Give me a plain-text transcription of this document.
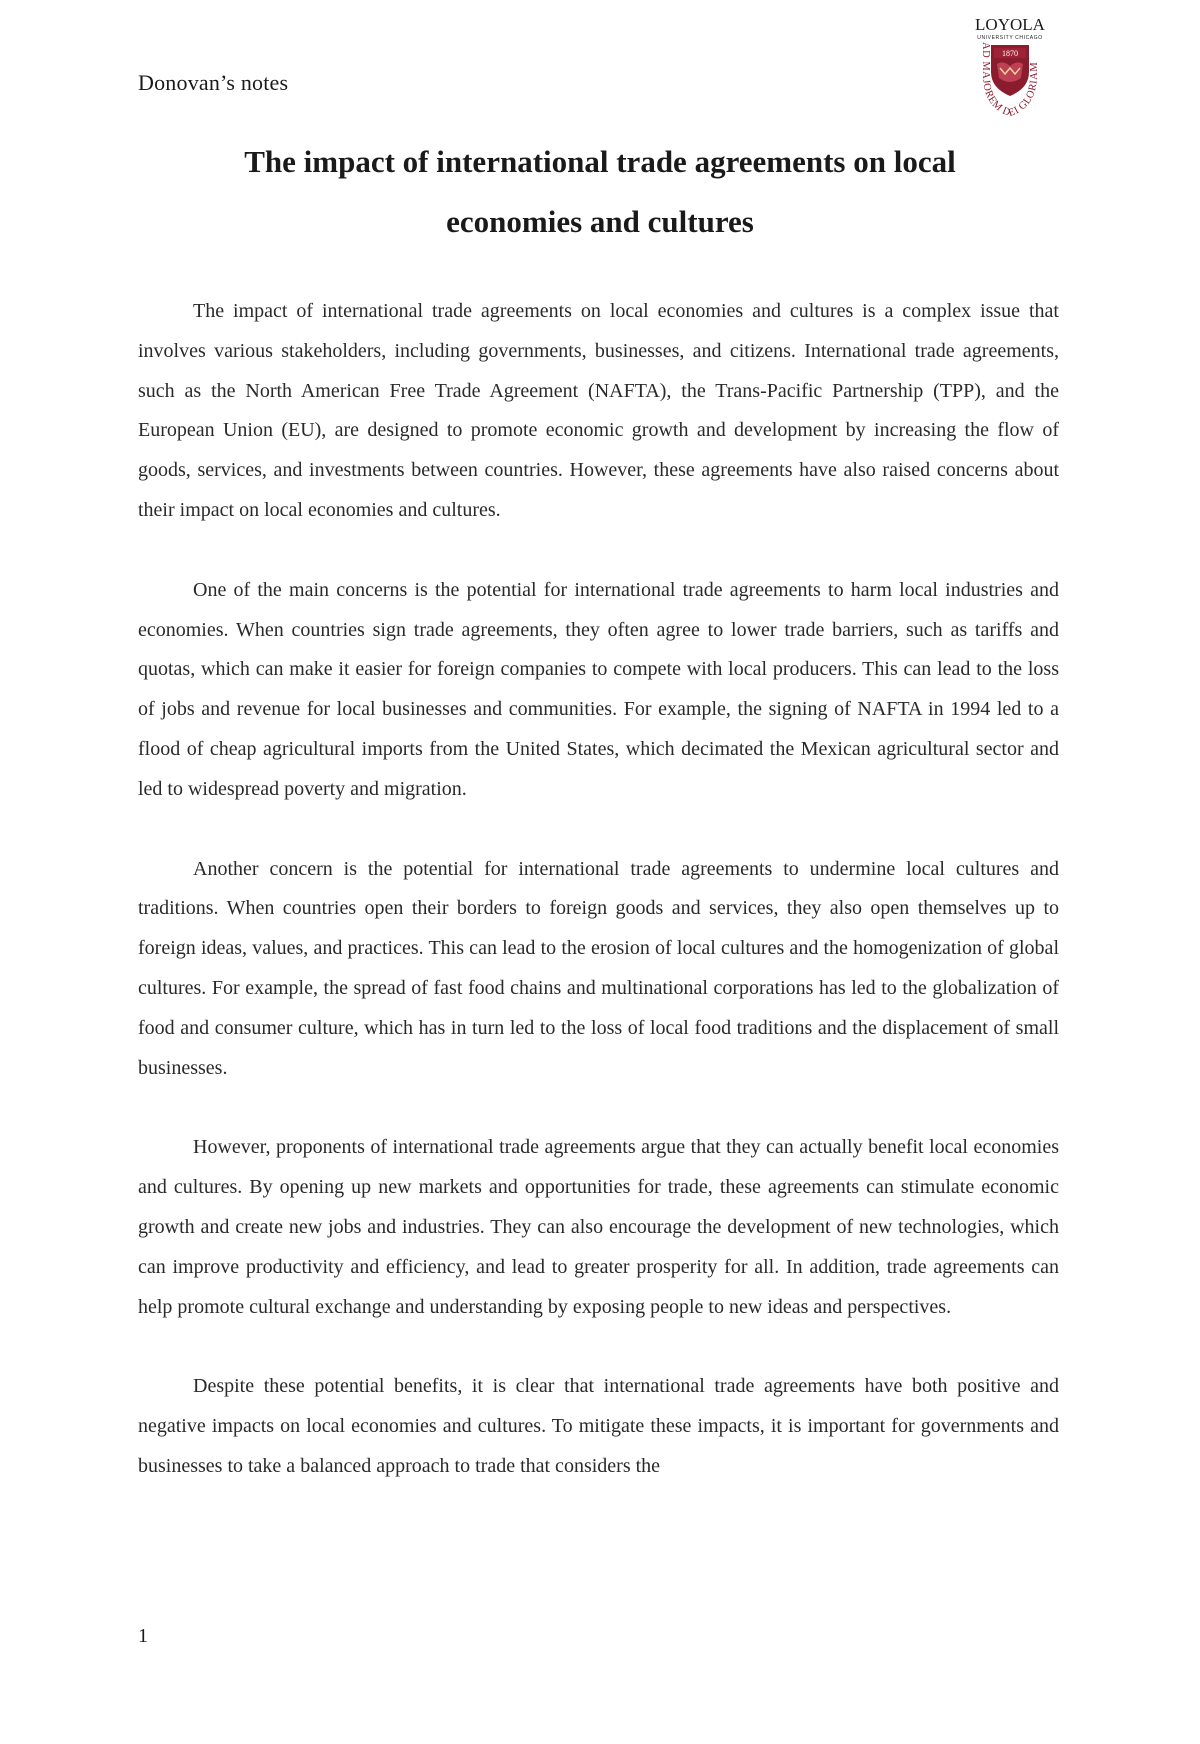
Donovan’s notes
LOYOLA
UNIVERSITY CHICAGO
1870
AD MAJOREM DEI GLORIAM
The impact of international trade agreements on local
economies and cultures

The impact of international trade agreements on local economies and cultures is a complex issue that involves various stakeholders, including governments, businesses, and citizens. International trade agreements, such as the North American Free Trade Agreement (NAFTA), the Trans-Pacific Partnership (TPP), and the European Union (EU), are designed to promote economic growth and development by increasing the flow of goods, services, and investments between countries. However, these agreements have also raised concerns about their impact on local economies and cultures.

One of the main concerns is the potential for international trade agreements to harm local industries and economies. When countries sign trade agreements, they often agree to lower trade barriers, such as tariffs and quotas, which can make it easier for foreign companies to compete with local producers. This can lead to the loss of jobs and revenue for local businesses and communities. For example, the signing of NAFTA in 1994 led to a flood of cheap agricultural imports from the United States, which decimated the Mexican agricultural sector and led to widespread poverty and migration.

Another concern is the potential for international trade agreements to undermine local cultures and traditions. When countries open their borders to foreign goods and services, they also open themselves up to foreign ideas, values, and practices. This can lead to the erosion of local cultures and the homogenization of global cultures. For example, the spread of fast food chains and multinational corporations has led to the globalization of food and consumer culture, which has in turn led to the loss of local food traditions and the displacement of small businesses.

However, proponents of international trade agreements argue that they can actually benefit local economies and cultures. By opening up new markets and opportunities for trade, these agreements can stimulate economic growth and create new jobs and industries. They can also encourage the development of new technologies, which can improve productivity and efficiency, and lead to greater prosperity for all. In addition, trade agreements can help promote cultural exchange and understanding by exposing people to new ideas and perspectives.

Despite these potential benefits, it is clear that international trade agreements have both positive and negative impacts on local economies and cultures. To mitigate these impacts, it is important for governments and businesses to take a balanced approach to trade that considers the

1
